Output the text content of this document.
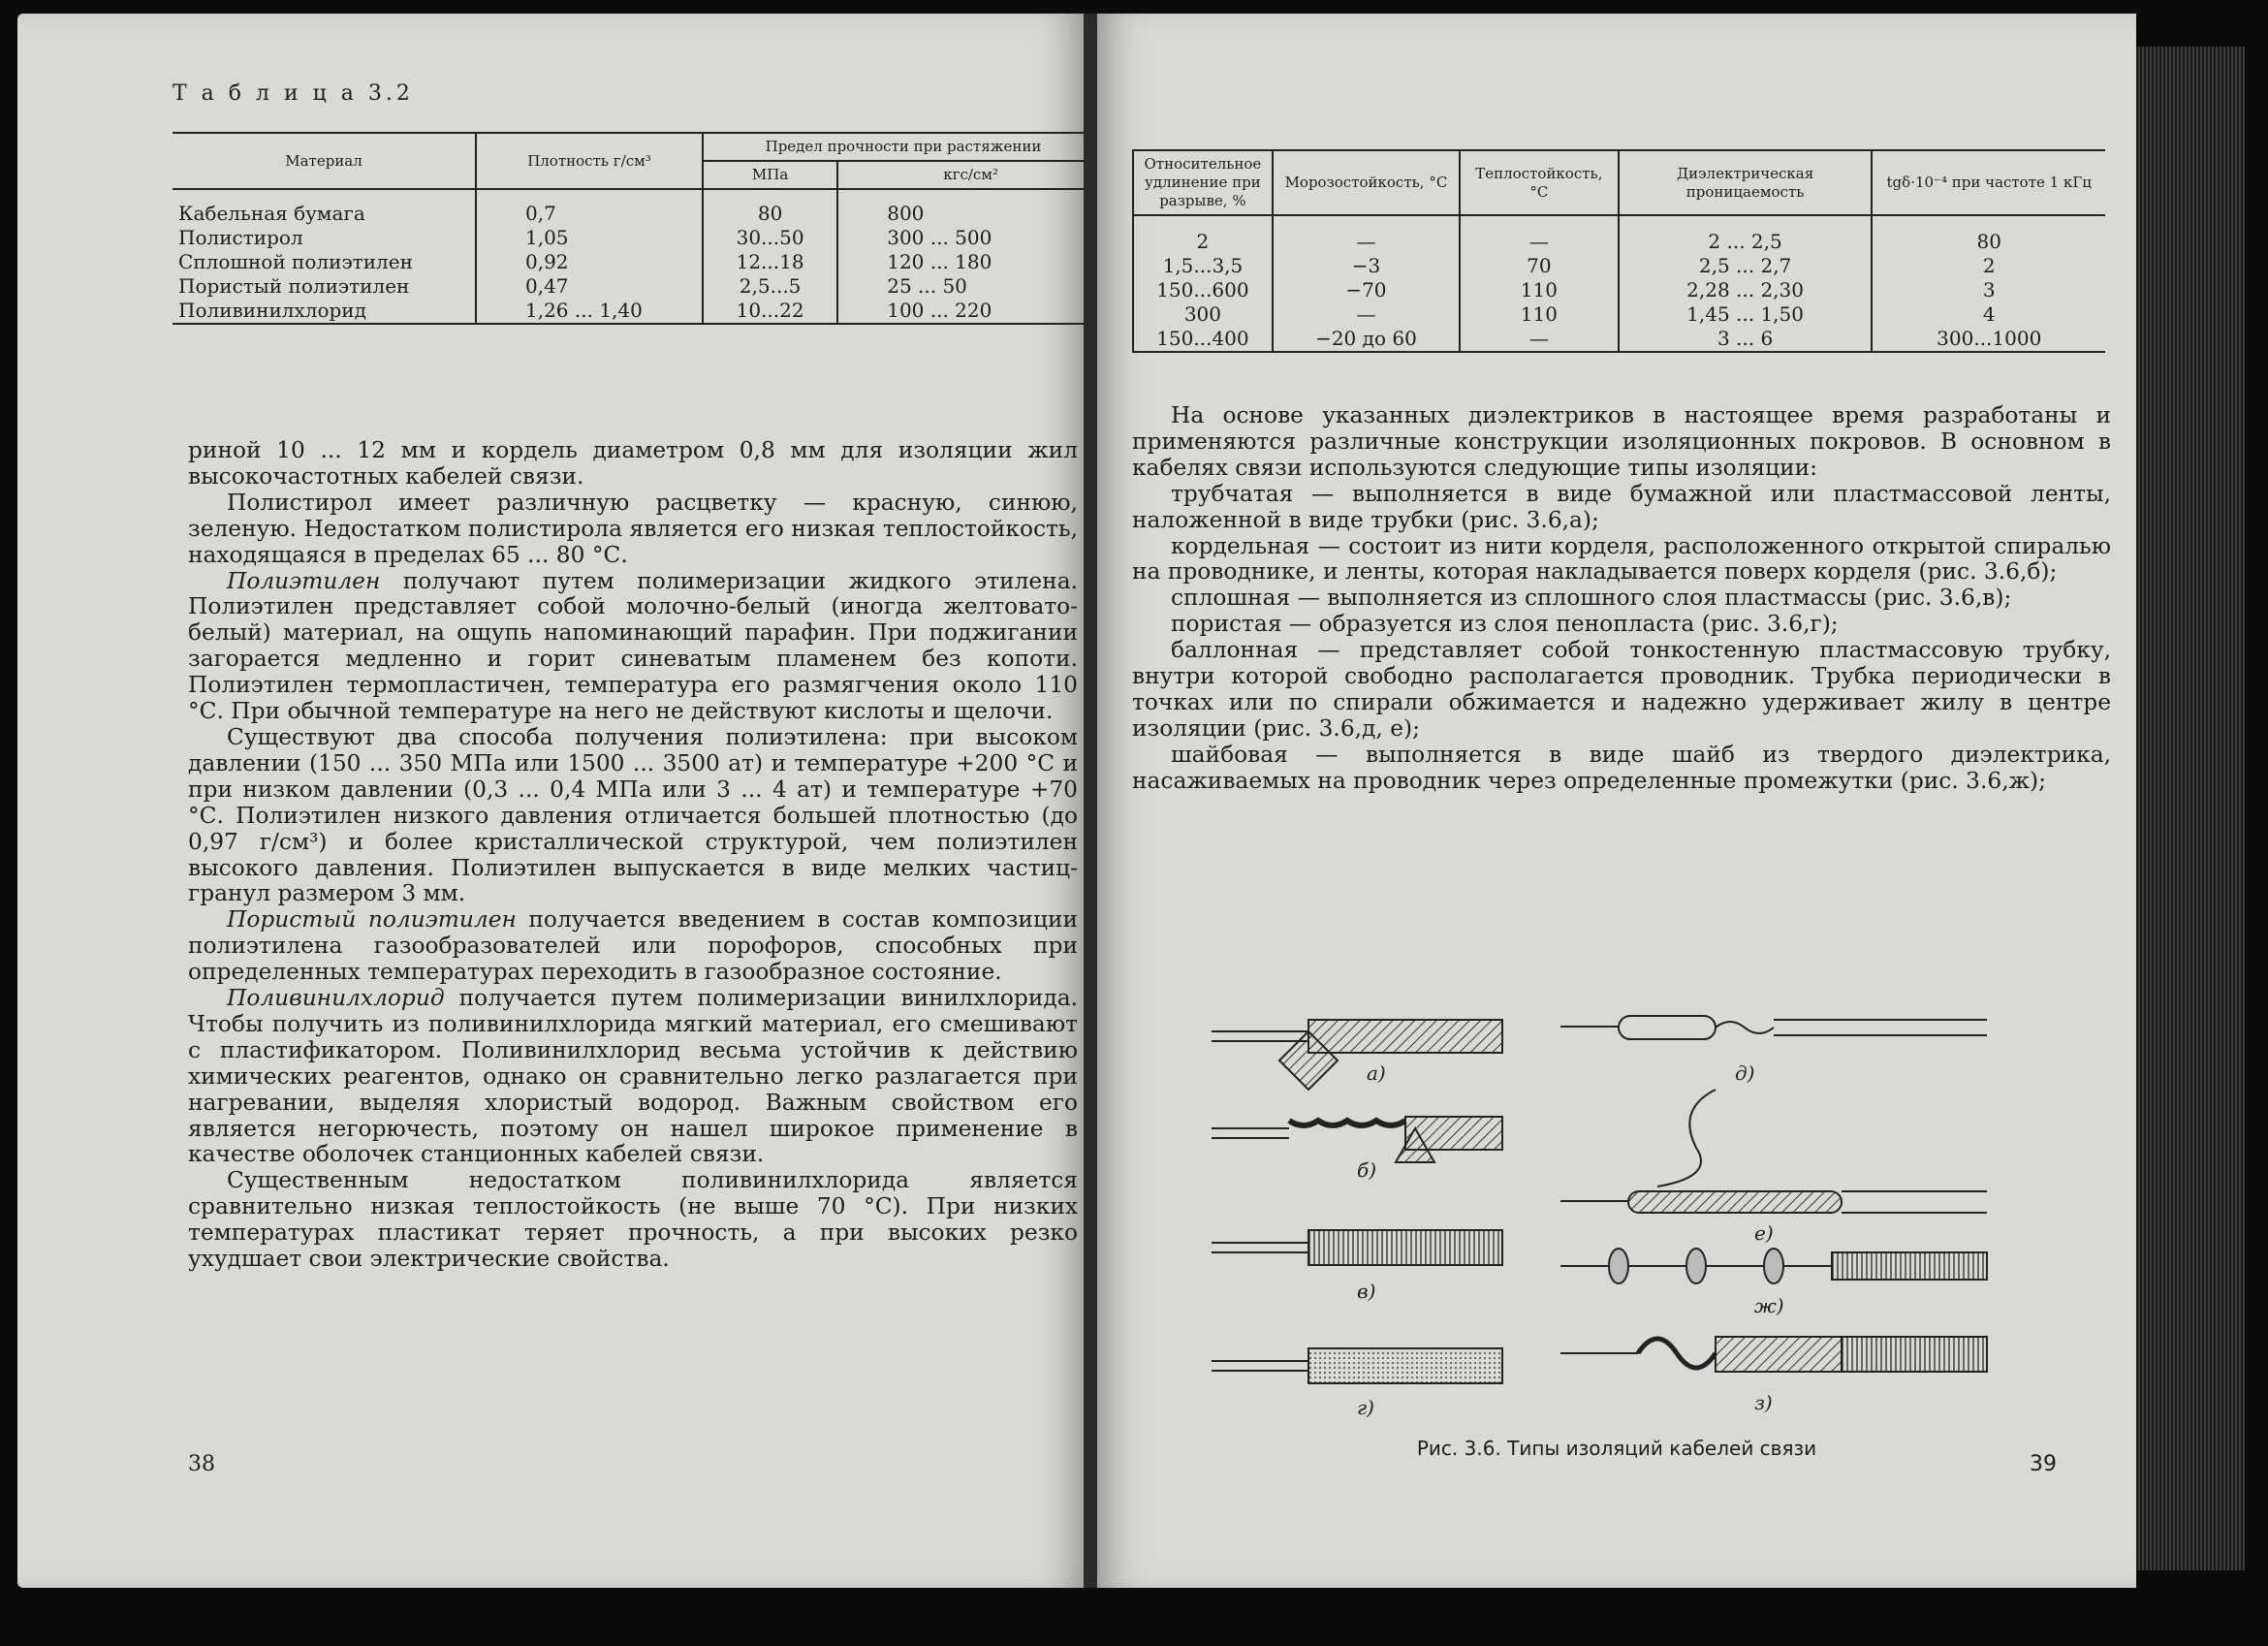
Т а б л и ц а 3.2
Материал	Плотность г/см³	Предел прочности при растяжении	
		МПа	кгс/см²
Кабельная бумага	0,7	80	800
Полистирол	1,05	30...50	300 ... 500
Сплошной полиэтилен	0,92	12...18	120 ... 180
Пористый полиэтилен	0,47	2,5...5	25 ... 50
Поливинилхлорид	1,26 ... 1,40	10...22	100 ... 220

риной 10 ... 12 мм и кордель диаметром 0,8 мм для изоляции жил высокочастотных кабелей связи.

Полистирол имеет различную расцветку — красную, синюю, зеленую. Недостатком полистирола является его низкая теплостойкость, находящаяся в пределах 65 ... 80 °С.

Полиэтилен получают путем полимеризации жидкого этилена. Полиэтилен представляет собой молочно-белый (иногда желтовато-белый) материал, на ощупь напоминающий парафин. При поджигании загорается медленно и горит синеватым пламенем без копоти. Полиэтилен термопластичен, температура его размягчения около 110 °С. При обычной температуре на него не действуют кислоты и щелочи.

Существуют два способа получения полиэтилена: при высоком давлении (150 ... 350 МПа или 1500 ... 3500 ат) и температуре +200 °С и при низком давлении (0,3 ... 0,4 МПа или 3 ... 4 ат) и температуре +70 °С. Полиэтилен низкого давления отличается большей плотностью (до 0,97 г/см³) и более кристаллической структурой, чем полиэтилен высокого давления. Полиэтилен выпускается в виде мелких частиц-гранул размером 3 мм.

Пористый полиэтилен получается введением в состав композиции полиэтилена газообразователей или порофоров, способных при определенных температурах переходить в газообразное состояние.

Поливинилхлорид получается путем полимеризации винилхлорида. Чтобы получить из поливинилхлорида мягкий материал, его смешивают с пластификатором. Поливинилхлорид весьма устойчив к действию химических реагентов, однако он сравнительно легко разлагается при нагревании, выделяя хлористый водород. Важным свойством его является негорючесть, поэтому он нашел широкое применение в качестве оболочек станционных кабелей связи.

Существенным недостатком поливинилхлорида является сравнительно низкая теплостойкость (не выше 70 °С). При низких температурах пластикат теряет прочность, а при высоких резко ухудшает свои электрические свойства.

38
Относительное удлинение при разрыве, %	Морозостойкость, °С	Теплостойкость, °С	Диэлектрическая проницаемость	tgδ·10⁻⁴ при частоте 1 кГц
2	—	—	2 ... 2,5	80
1,5...3,5	−3	70	2,5 ... 2,7	2
150...600	−70	110	2,28 ... 2,30	3
300	—	110	1,45 ... 1,50	4
150...400	−20 до 60	—	3 ... 6	300...1000

На основе указанных диэлектриков в настоящее время разработаны и применяются различные конструкции изоляционных покровов. В основном в кабелях связи используются следующие типы изоляции:

трубчатая — выполняется в виде бумажной или пластмассовой ленты, наложенной в виде трубки (рис. 3.6,а);

кордельная — состоит из нити корделя, расположенного открытой спиралью на проводнике, и ленты, которая накладывается поверх корделя (рис. 3.6,б);

сплошная — выполняется из сплошного слоя пластмассы (рис. 3.6,в);

пористая — образуется из слоя пенопласта (рис. 3.6,г);

баллонная — представляет собой тонкостенную пластмассовую трубку, внутри которой свободно располагается проводник. Трубка периодически в точках или по спирали обжимается и надежно удерживает жилу в центре изоляции (рис. 3.6,д, е);

шайбовая — выполняется в виде шайб из твердого диэлектрика, насаживаемых на проводник через определенные промежутки (рис. 3.6,ж);

а)
б)
в)
г)
д)
е)
ж)
з)
Рис. 3.6. Типы изоляций кабелей связи
39
